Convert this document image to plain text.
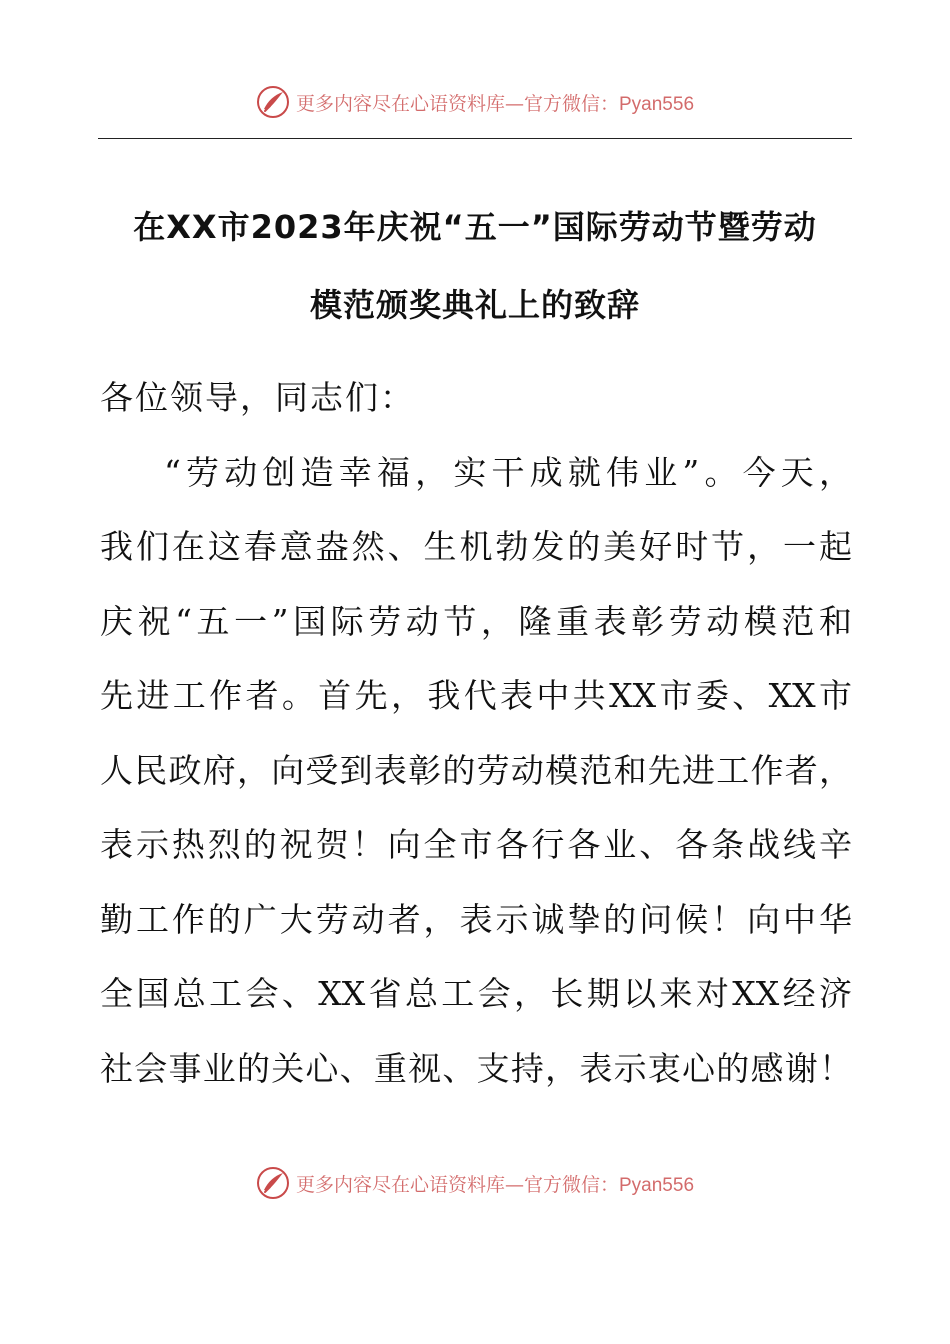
更多内容尽在心语资料库—官方微信：Pyan556
在XX市2023年庆祝“五一”国际劳动节暨劳动
模范颁奖典礼上的致辞
各位领导，同志们：
“劳动创造幸福，实干成就伟业”。今天，
我们在这春意盎然、生机勃发的美好时节，一起
庆祝“五一”国际劳动节，隆重表彰劳动模范和
先进工作者。首先，我代表中共XX市委、XX市
人民政府，向受到表彰的劳动模范和先进工作者，
表示热烈的祝贺！向全市各行各业、各条战线辛
勤工作的广大劳动者，表示诚挚的问候！向中华
全国总工会、XX省总工会，长期以来对XX经济
社会事业的关心、重视、支持，表示衷心的感谢！
更多内容尽在心语资料库—官方微信：Pyan556
